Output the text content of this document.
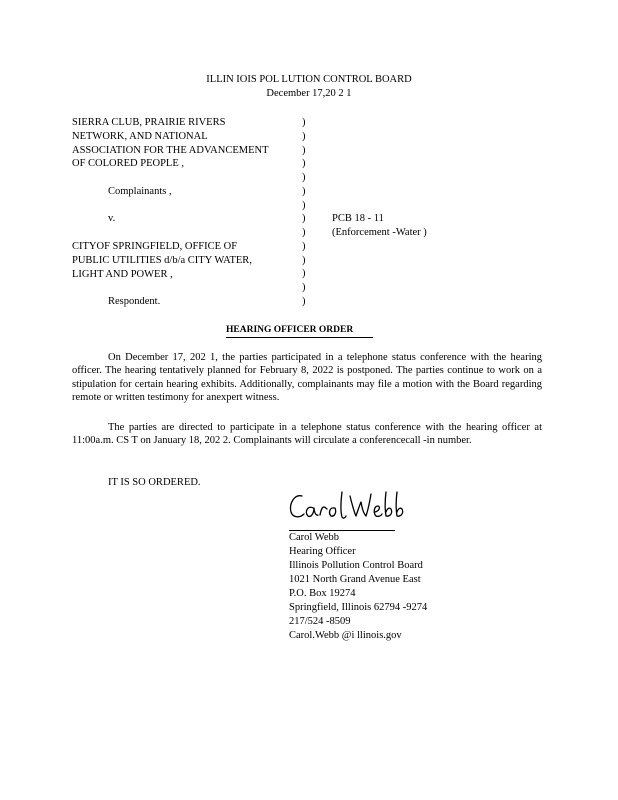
ILLIN IOIS POL LUTION CONTROL BOARD
December 17,20 2 1
SIERRA CLUB, PRAIRIE RIVERS
NETWORK, AND NATIONAL
ASSOCIATION FOR THE ADVANCEMENT
OF COLORED PEOPLE ,
Complainants ,
v.
CITYOF SPRINGFIELD, OFFICE OF
PUBLIC UTILITIES d/b/a CITY WATER,
LIGHT AND POWER ,
Respondent.
)
)
)
)
)
)
)
)
)
)
)
)
)
)
PCB 18 - 11
(Enforcement -Water )
HEARING OFFICER ORDER
On December 17, 202 1, the parties participated in a telephone status conference with the hearing officer. The hearing tentatively planned for February 8, 2022 is postponed. The parties continue to work on a stipulation for certain hearing exhibits. Additionally, complainants may file a motion with the Board regarding remote or written testimony for anexpert witness.
The parties are directed to participate in a telephone status conference with the hearing officer at 11:00a.m. CS T on January 18, 202 2. Complainants will circulate a conferencecall -in number.
IT IS SO ORDERED.
Carol Webb
Hearing Officer
Illinois Pollution Control Board
1021 North Grand Avenue East
P.O. Box 19274
Springfield, Illinois 62794 -9274
217/524 -8509
Carol.Webb @i llinois.gov
